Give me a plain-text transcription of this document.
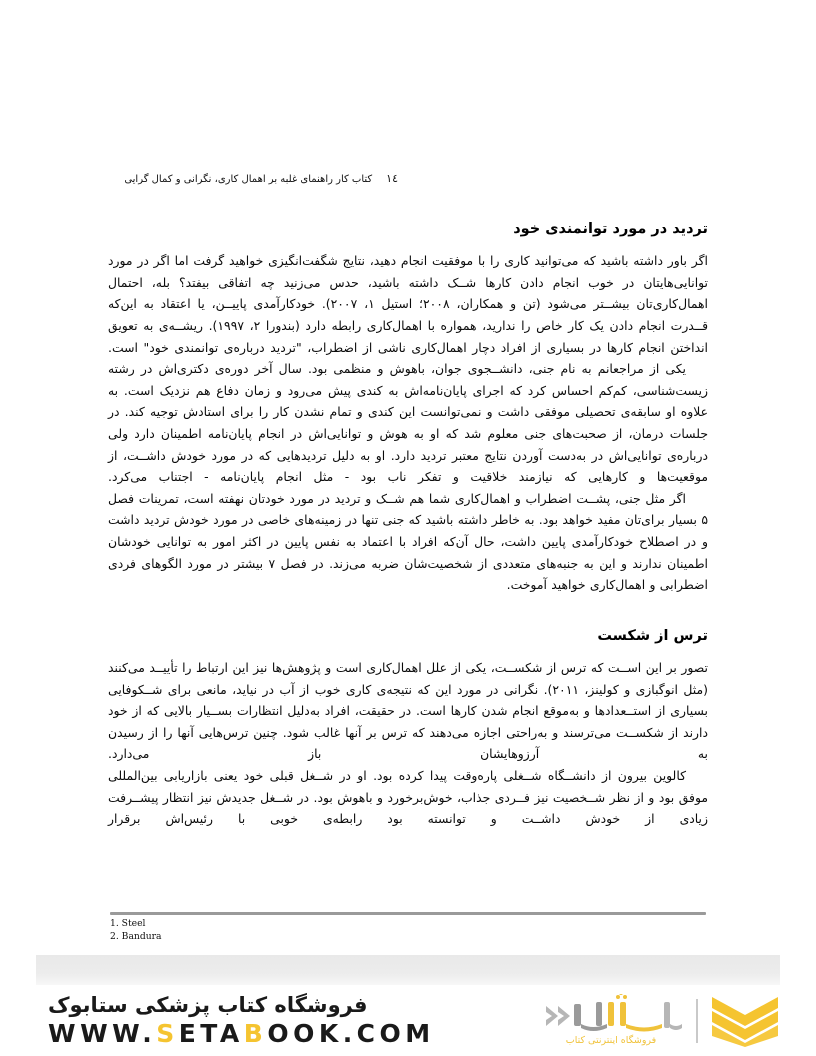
١٤
کتاب کار راهنمای غلبه بر اهمال کاری، نگرانی و کمال گرایی
تردید در مورد توانمندی خود

اگر باور داشته باشید که می‌توانید کاری را با موفقیت انجام دهید، نتایج شگفت‌انگیزی خواهید گرفت اما اگر در مورد توانایی‌هایتان در خوب انجام دادن کارها شــک داشته باشید، حدس می‌زنید چه اتفاقی بیفتد؟ بله، احتمال اهمال‌کاری‌تان بیشــتر می‌شود (تن و همکاران، ۲۰۰۸؛ استیل ۱، ۲۰۰۷). خودکارآمدی پاییــن، یا اعتقاد به این‌که قــدرت انجام دادن یک کار خاص را ندارید، همواره با اهمال‌کاری رابطه دارد (بندورا ۲، ۱۹۹۷). ریشــه‌ی به تعویق انداختن انجام کارها در بسیاری از افراد دچار اهمال‌کاری ناشی از اضطراب، "تردید درباره‌ی توانمندی خود" است.

یکی از مراجعانم به نام جنی، دانشــجوی جوان، باهوش و منظمی بود. سال آخر دوره‌ی دکتری‌اش در رشته زیست‌شناسی، کم‌کم احساس کرد که اجرای پایان‌نامه‌اش به کندی پیش می‌رود و زمان دفاع هم نزدیک است. به علاوه او سابقه‌ی تحصیلی موفقی داشت و نمی‌توانست این کندی و تمام نشدن کار را برای استادش توجیه کند. در جلسات درمان، از صحبت‌های جنی معلوم شد که او به هوش و توانایی‌اش در انجام پایان‌نامه اطمینان دارد ولی درباره‌ی توانایی‌اش در به‌دست آوردن نتایج معتبر تردید دارد. او به دلیل تردیدهایی که در مورد خودش داشــت، از موقعیت‌ها و کارهایی که نیازمند خلاقیت و تفکر ناب بود - مثل انجام پایان‌نامه - اجتناب می‌کرد.

اگر مثل جنی، پشــت اضطراب و اهمال‌کاری شما هم شــک و تردید در مورد خودتان نهفته است، تمرینات فصل ۵ بسیار برای‌تان مفید خواهد بود. به خاطر داشته باشید که جنی تنها در زمینه‌های خاصی در مورد خودش تردید داشت و در اصطلاح خودکارآمدی پایین داشت، حال آن‌که افراد با اعتماد به نفس پایین در اکثر امور به توانایی خودشان اطمینان ندارند و این به جنبه‌های متعددی از شخصیت‌شان ضربه می‌زند. در فصل ۷ بیشتر در مورد الگوهای فردی اضطرابی و اهمال‌کاری خواهید آموخت.

ترس از شکست

تصور بر این اســت که ترس از شکســت، یکی از علل اهمال‌کاری است و پژوهش‌ها نیز این ارتباط را تأییــد می‌کنند (مثل انوگبازی و کولینز، ۲۰۱۱). نگرانی در مورد این که نتیجه‌ی کاری خوب از آب در نیاید، مانعی برای شــکوفایی بسیاری از استــعدادها و به‌موقع انجام شدن کارها است. در حقیقت، افراد به‌دلیل انتظارات بســیار بالایی که از خود دارند از شکســت می‌ترسند و به‌راحتی اجازه می‌دهند که ترس بر آنها غالب شود. چنین ترس‌هایی آنها را از رسیدن به آرزوهایشان باز می‌دارد.

کالوین بیرون از دانشــگاه شــغلی پاره‌وقت پیدا کرده بود. او در شــغل قبلی خود یعنی بازاریابی بین‌المللی موفق بود و از نظر شــخصیت نیز فــردی جذاب، خوش‌برخورد و باهوش بود. در شــغل جدیدش نیز انتظار پیشــرفت زیادی از خودش داشــت و توانسته بود رابطه‌ی خوبی با رئیس‌اش برقرار

1. Steel
2. Bandura
فروشگاه کتاب پزشکی ستابوک
WWW.SETABOOK.COM	فروشگاه اینترنتی کتاب
